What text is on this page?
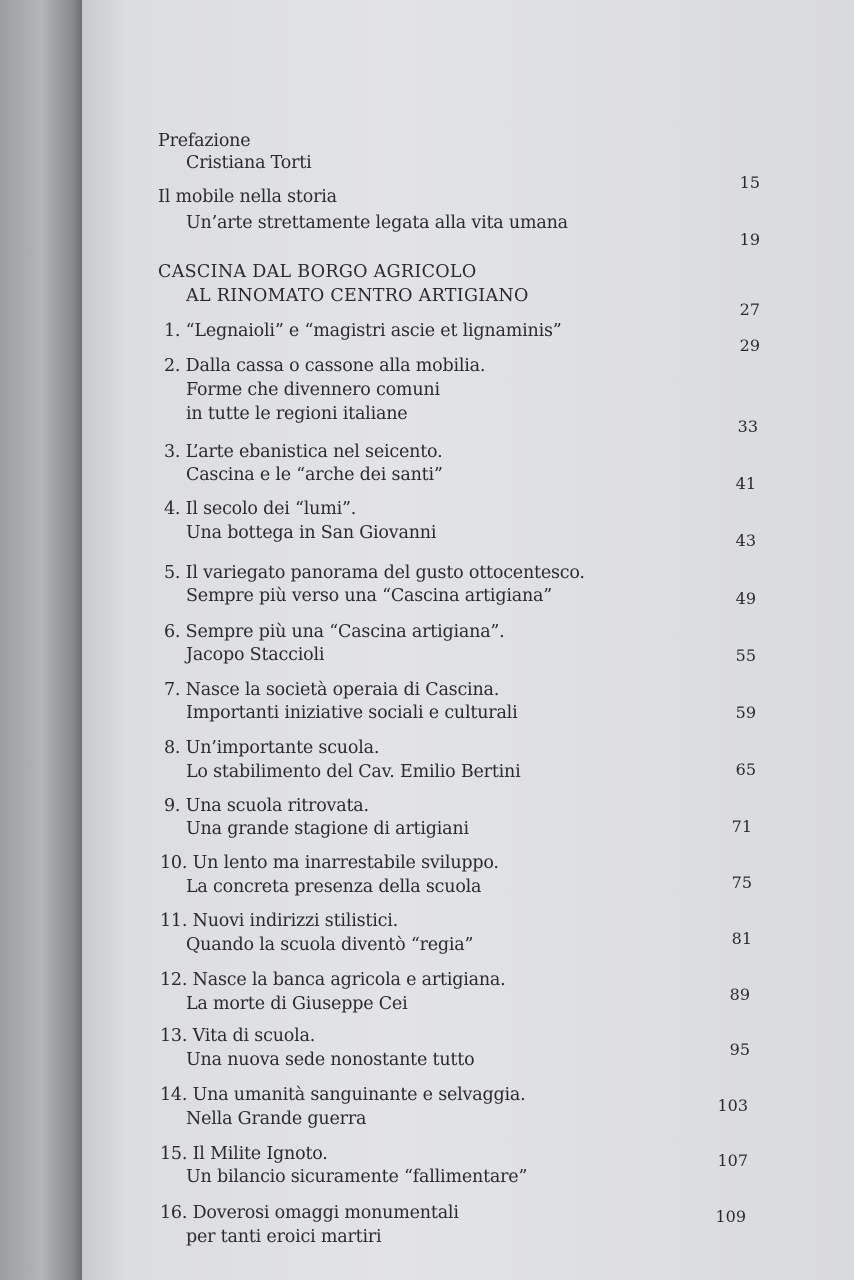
Prefazione
Cristiana Torti
15
Il mobile nella storia
Un’arte strettamente legata alla vita umana
19
CASCINA DAL BORGO AGRICOLO
AL RINOMATO CENTRO ARTIGIANO
27
1. “Legnaioli” e “magistri ascie et lignaminis”
29
2. Dalla cassa o cassone alla mobilia.
Forme che divennero comuni
in tutte le regioni italiane
33
3. L’arte ebanistica nel seicento.
Cascina e le “arche dei santi”	41
4. Il secolo dei “lumi”.
Una bottega in San Giovanni	43
5. Il variegato panorama del gusto ottocentesco.
Sempre più verso una “Cascina artigiana”	49
6. Sempre più una “Cascina artigiana”.
Jacopo Staccioli	55
7. Nasce la società operaia di Cascina.
Importanti iniziative sociali e culturali	59
8. Un’importante scuola.
Lo stabilimento del Cav. Emilio Bertini	65
9. Una scuola ritrovata.
Una grande stagione di artigiani	71
10. Un lento ma inarrestabile sviluppo.
La concreta presenza della scuola	75
11. Nuovi indirizzi stilistici.
Quando la scuola diventò “regia”	81
12. Nasce la banca agricola e artigiana.
La morte di Giuseppe Cei	89
13. Vita di scuola.
Una nuova sede nonostante tutto
95
14. Una umanità sanguinante e selvaggia.
Nella Grande guerra
103
15. Il Milite Ignoto.
Un bilancio sicuramente “fallimentare”
107
16. Doverosi omaggi monumentali
per tanti eroici martiri
109
